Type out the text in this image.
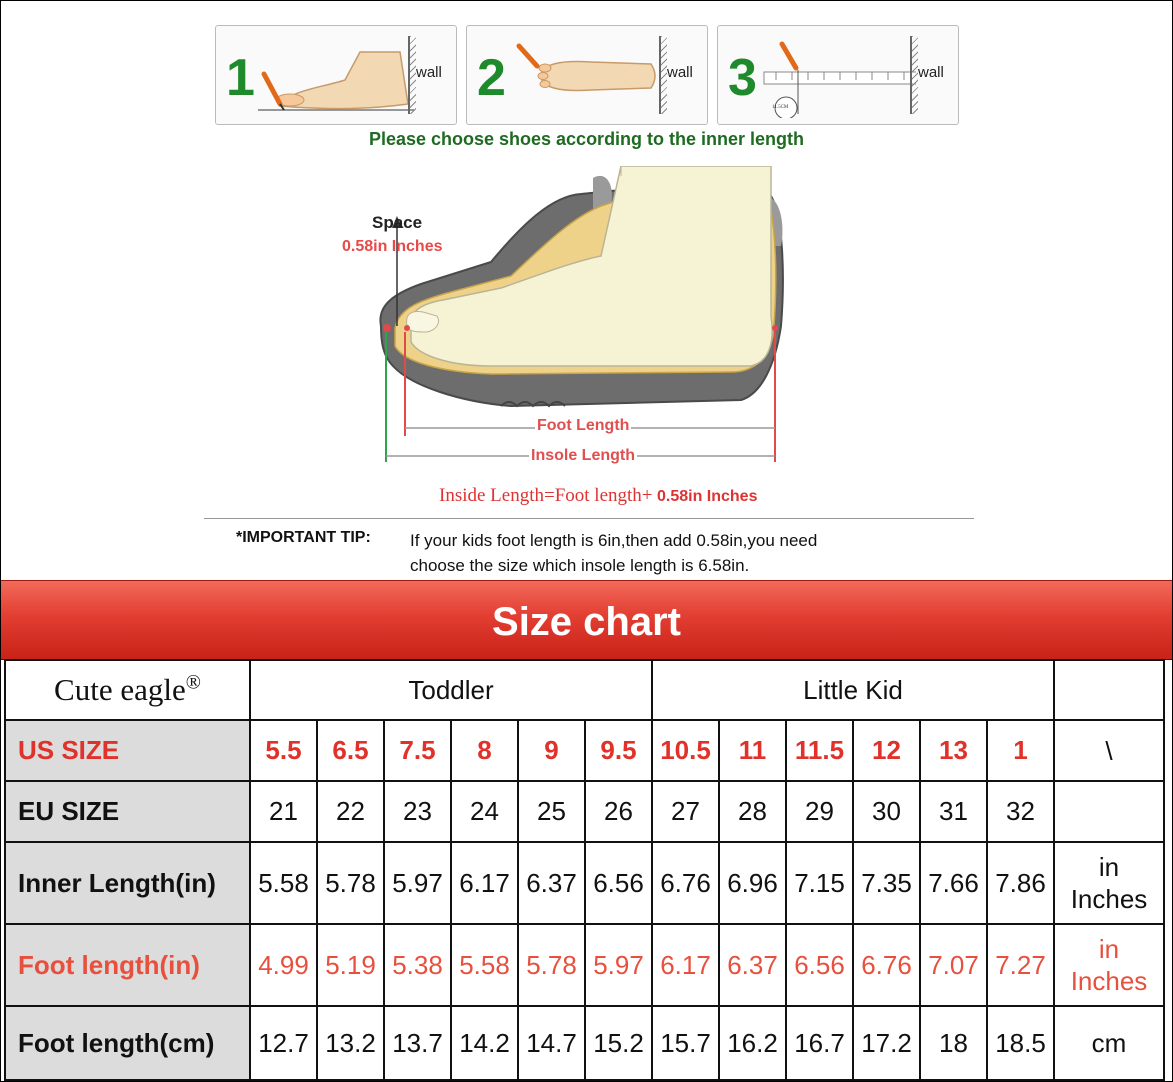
1	wall 2	wall 3
11.5CM
wall
Please choose shoes according to the inner length
Space
0.58in Inches
Foot Length
Insole Length
Inside Length=Foot length+ 0.58in Inches
*IMPORTANT TIP: If your kids foot length is 6in,then add 0.58in,you need
choose the size which insole length is 6.58in.
Size chart
Cute eagle®	Toddler						Little Kid						
US SIZE	5.5	6.5	7.5	8	9	9.5	10.5	11	11.5	12	13	1	\
EU SIZE	21	22	23	24	25	26	27	28	29	30	31	32	
Inner Length(in)	5.58	5.78	5.97	6.17	6.37	6.56	6.76	6.96	7.15	7.35	7.66	7.86	in
Inches

Foot length(in)	4.99	5.19	5.38	5.58	5.78	5.97	6.17	6.37	6.56	6.76	7.07	7.27	in
Inches

Foot length(cm)	12.7	13.2	13.7	14.2	14.7	15.2	15.7	16.2	16.7	17.2	18	18.5	cm
